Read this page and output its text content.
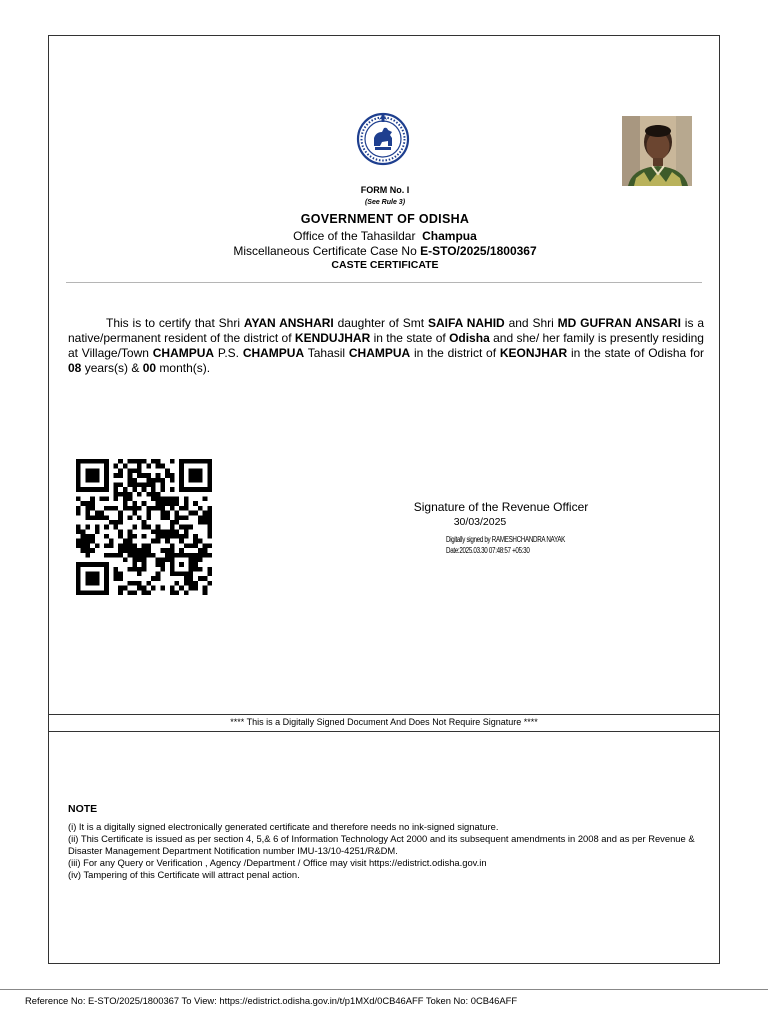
FORM No. I
(See Rule 3)
GOVERNMENT OF ODISHA
Office of the Tahasildar Champua
Miscellaneous Certificate Case No E-STO/2025/1800367
CASTE CERTIFICATE
This is to certify that Shri AYAN ANSHARI daughter of Smt SAIFA NAHID and Shri MD GUFRAN ANSARI is a native/permanent resident of the district of KENDUJHAR in the state of Odisha and she/ her family is presently residing at Village/Town CHAMPUA P.S. CHAMPUA Tahasil CHAMPUA in the district of KEONJHAR in the state of Odisha for 08 years(s) & 00 month(s).
Signature of the Revenue Officer
30/03/2025
Digitally signed by RAMESHCHANDRA NAYAK
Date:2025.03.30 07:48:57 +05:30
**** This is a Digitally Signed Document And Does Not Require Signature ****
NOTE
(i) It is a digitally signed electronically generated certificate and therefore needs no ink-signed signature.
(ii) This Certificate is issued as per section 4, 5,& 6 of Information Technology Act 2000 and its subsequent amendments in 2008 and as per Revenue & Disaster Management Department Notification number IMU-13/10-4251/R&DM.
(iii) For any Query or Verification , Agency /Department / Office may visit https://edistrict.odisha.gov.in
(iv) Tampering of this Certificate will attract penal action.
Reference No: E-STO/2025/1800367 To View: https://edistrict.odisha.gov.in/t/p1MXd/0CB46AFF Token No: 0CB46AFF
